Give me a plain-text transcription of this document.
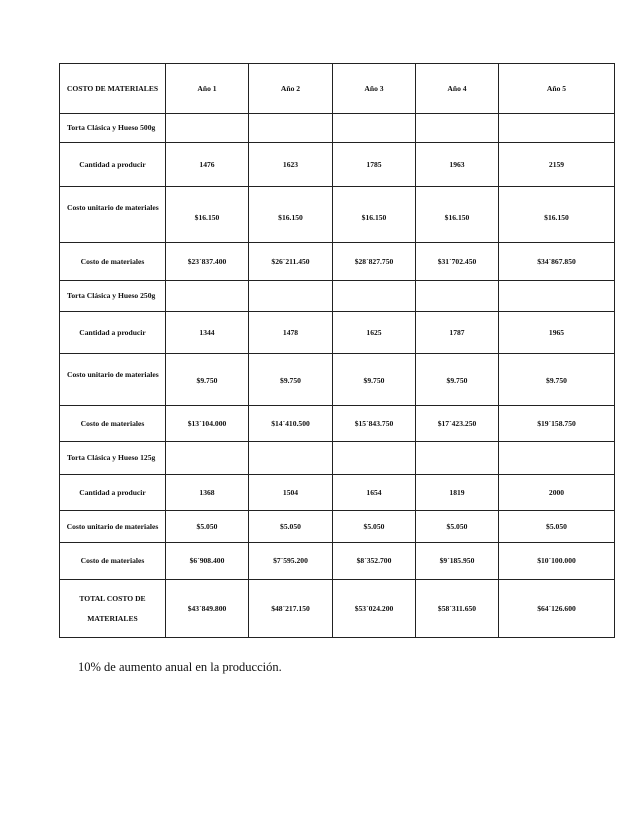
COSTO DE MATERIALES	Año 1	Año 2	Año 3	Año 4	Año 5
Torta Clásica y Hueso 500g					
Cantidad a producir	1476	1623	1785	1963	2159
Costo unitario de materiales	$16.150	$16.150	$16.150	$16.150	$16.150
Costo de materiales	$23´837.400	$26´211.450	$28´827.750	$31´702.450	$34´867.850
Torta Clásica y Hueso 250g					
Cantidad a producir	1344	1478	1625	1787	1965
Costo unitario de materiales	$9.750	$9.750	$9.750	$9.750	$9.750
Costo de materiales	$13´104.000	$14´410.500	$15´843.750	$17´423.250	$19´158.750
Torta Clásica y Hueso 125g					
Cantidad a producir	1368	1504	1654	1819	2000
Costo unitario de materiales	$5.050	$5.050	$5.050	$5.050	$5.050
Costo de materiales	$6´908.400	$7´595.200	$8´352.700	$9´185.950	$10´100.000
TOTAL COSTO DE MATERIALES	$43´849.800	$48´217.150	$53´024.200	$58´311.650	$64´126.600
10% de aumento anual en la producción.
